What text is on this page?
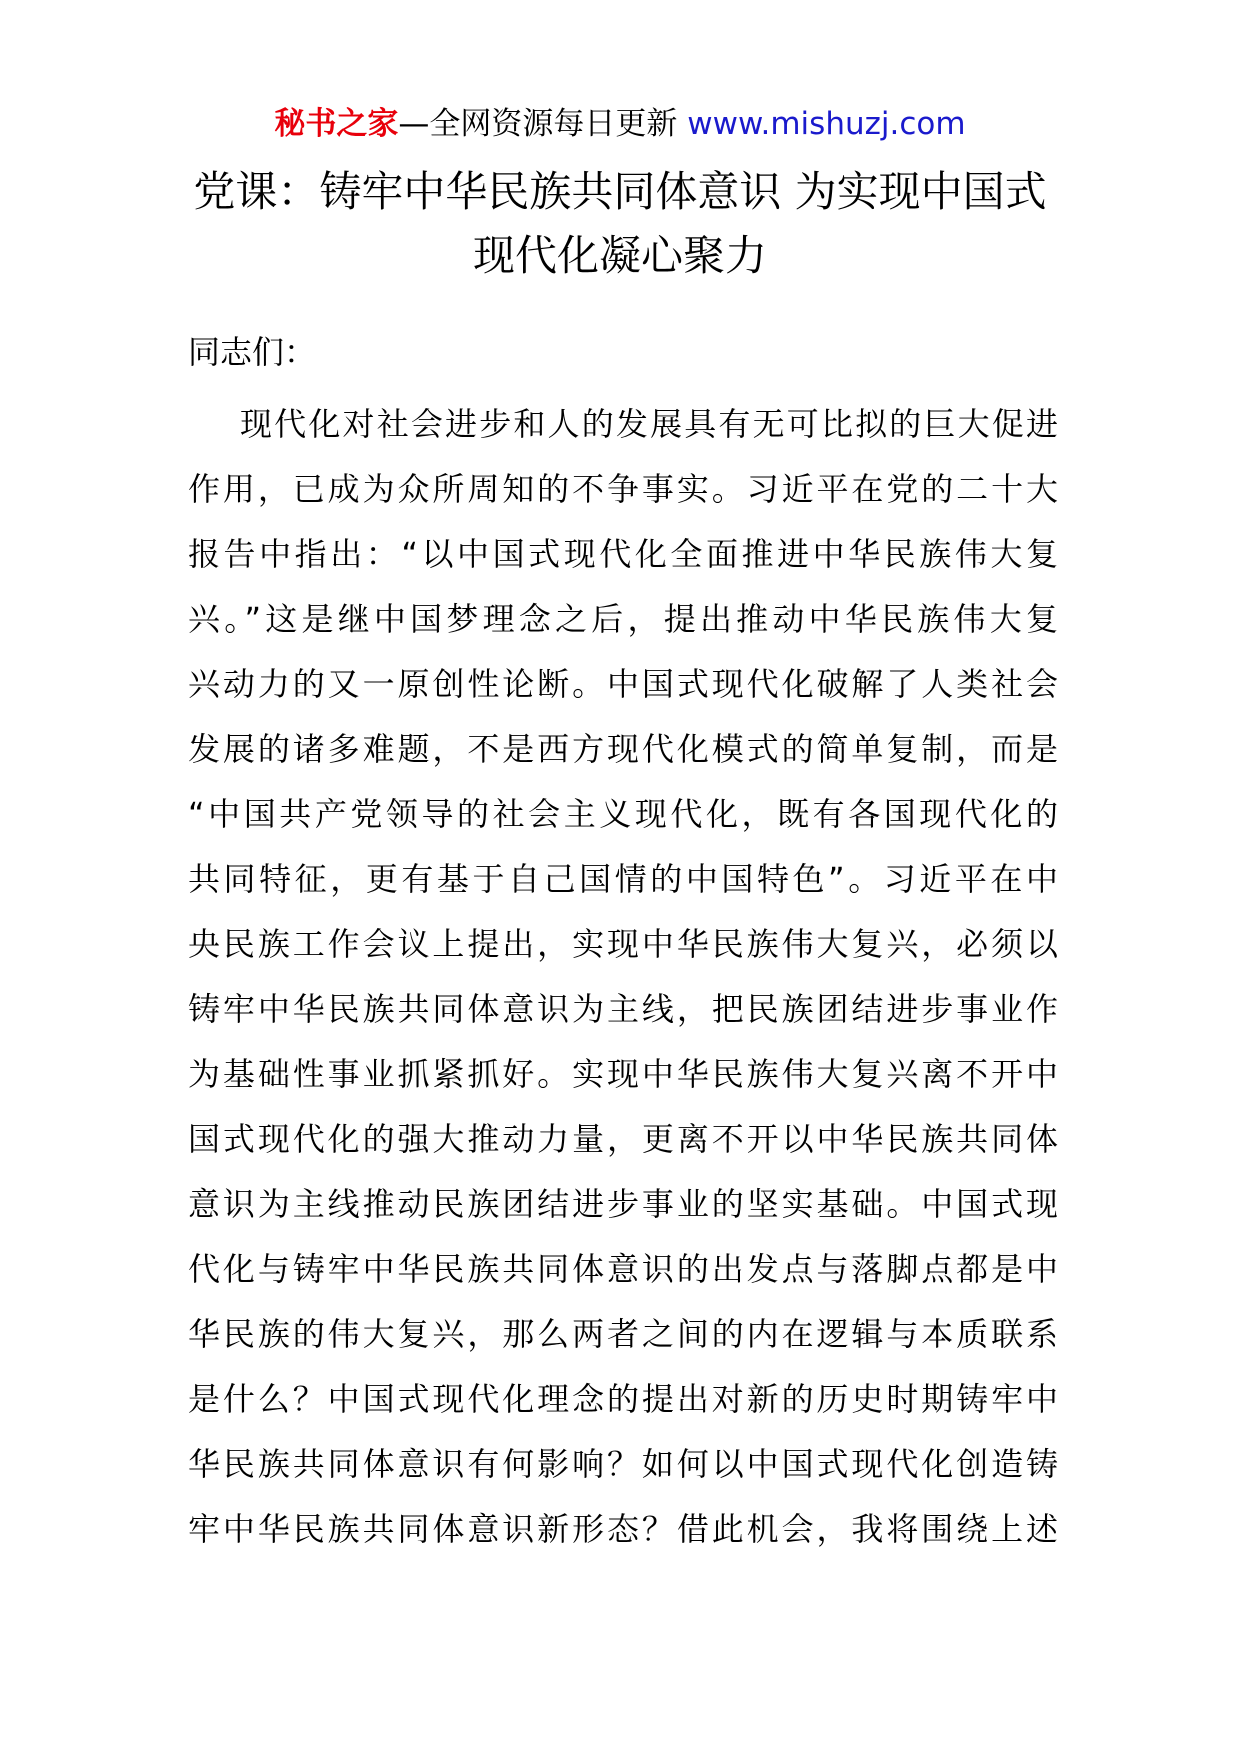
秘书之家—全网资源每日更新 www.mishuzj.com
党课：铸牢中华民族共同体意识 为实现中国式
现代化凝心聚力
同志们：
现代化对社会进步和人的发展具有无可比拟的巨大促进
作用，已成为众所周知的不争事实。习近平在党的二十大
报告中指出：“以中国式现代化全面推进中华民族伟大复
兴。”这是继中国梦理念之后，提出推动中华民族伟大复
兴动力的又一原创性论断。中国式现代化破解了人类社会
发展的诸多难题，不是西方现代化模式的简单复制，而是
“中国共产党领导的社会主义现代化，既有各国现代化的
共同特征，更有基于自己国情的中国特色”。习近平在中
央民族工作会议上提出，实现中华民族伟大复兴，必须以
铸牢中华民族共同体意识为主线，把民族团结进步事业作
为基础性事业抓紧抓好。实现中华民族伟大复兴离不开中
国式现代化的强大推动力量，更离不开以中华民族共同体
意识为主线推动民族团结进步事业的坚实基础。中国式现
代化与铸牢中华民族共同体意识的出发点与落脚点都是中
华民族的伟大复兴，那么两者之间的内在逻辑与本质联系
是什么？中国式现代化理念的提出对新的历史时期铸牢中
华民族共同体意识有何影响？如何以中国式现代化创造铸
牢中华民族共同体意识新形态？借此机会，我将围绕上述
